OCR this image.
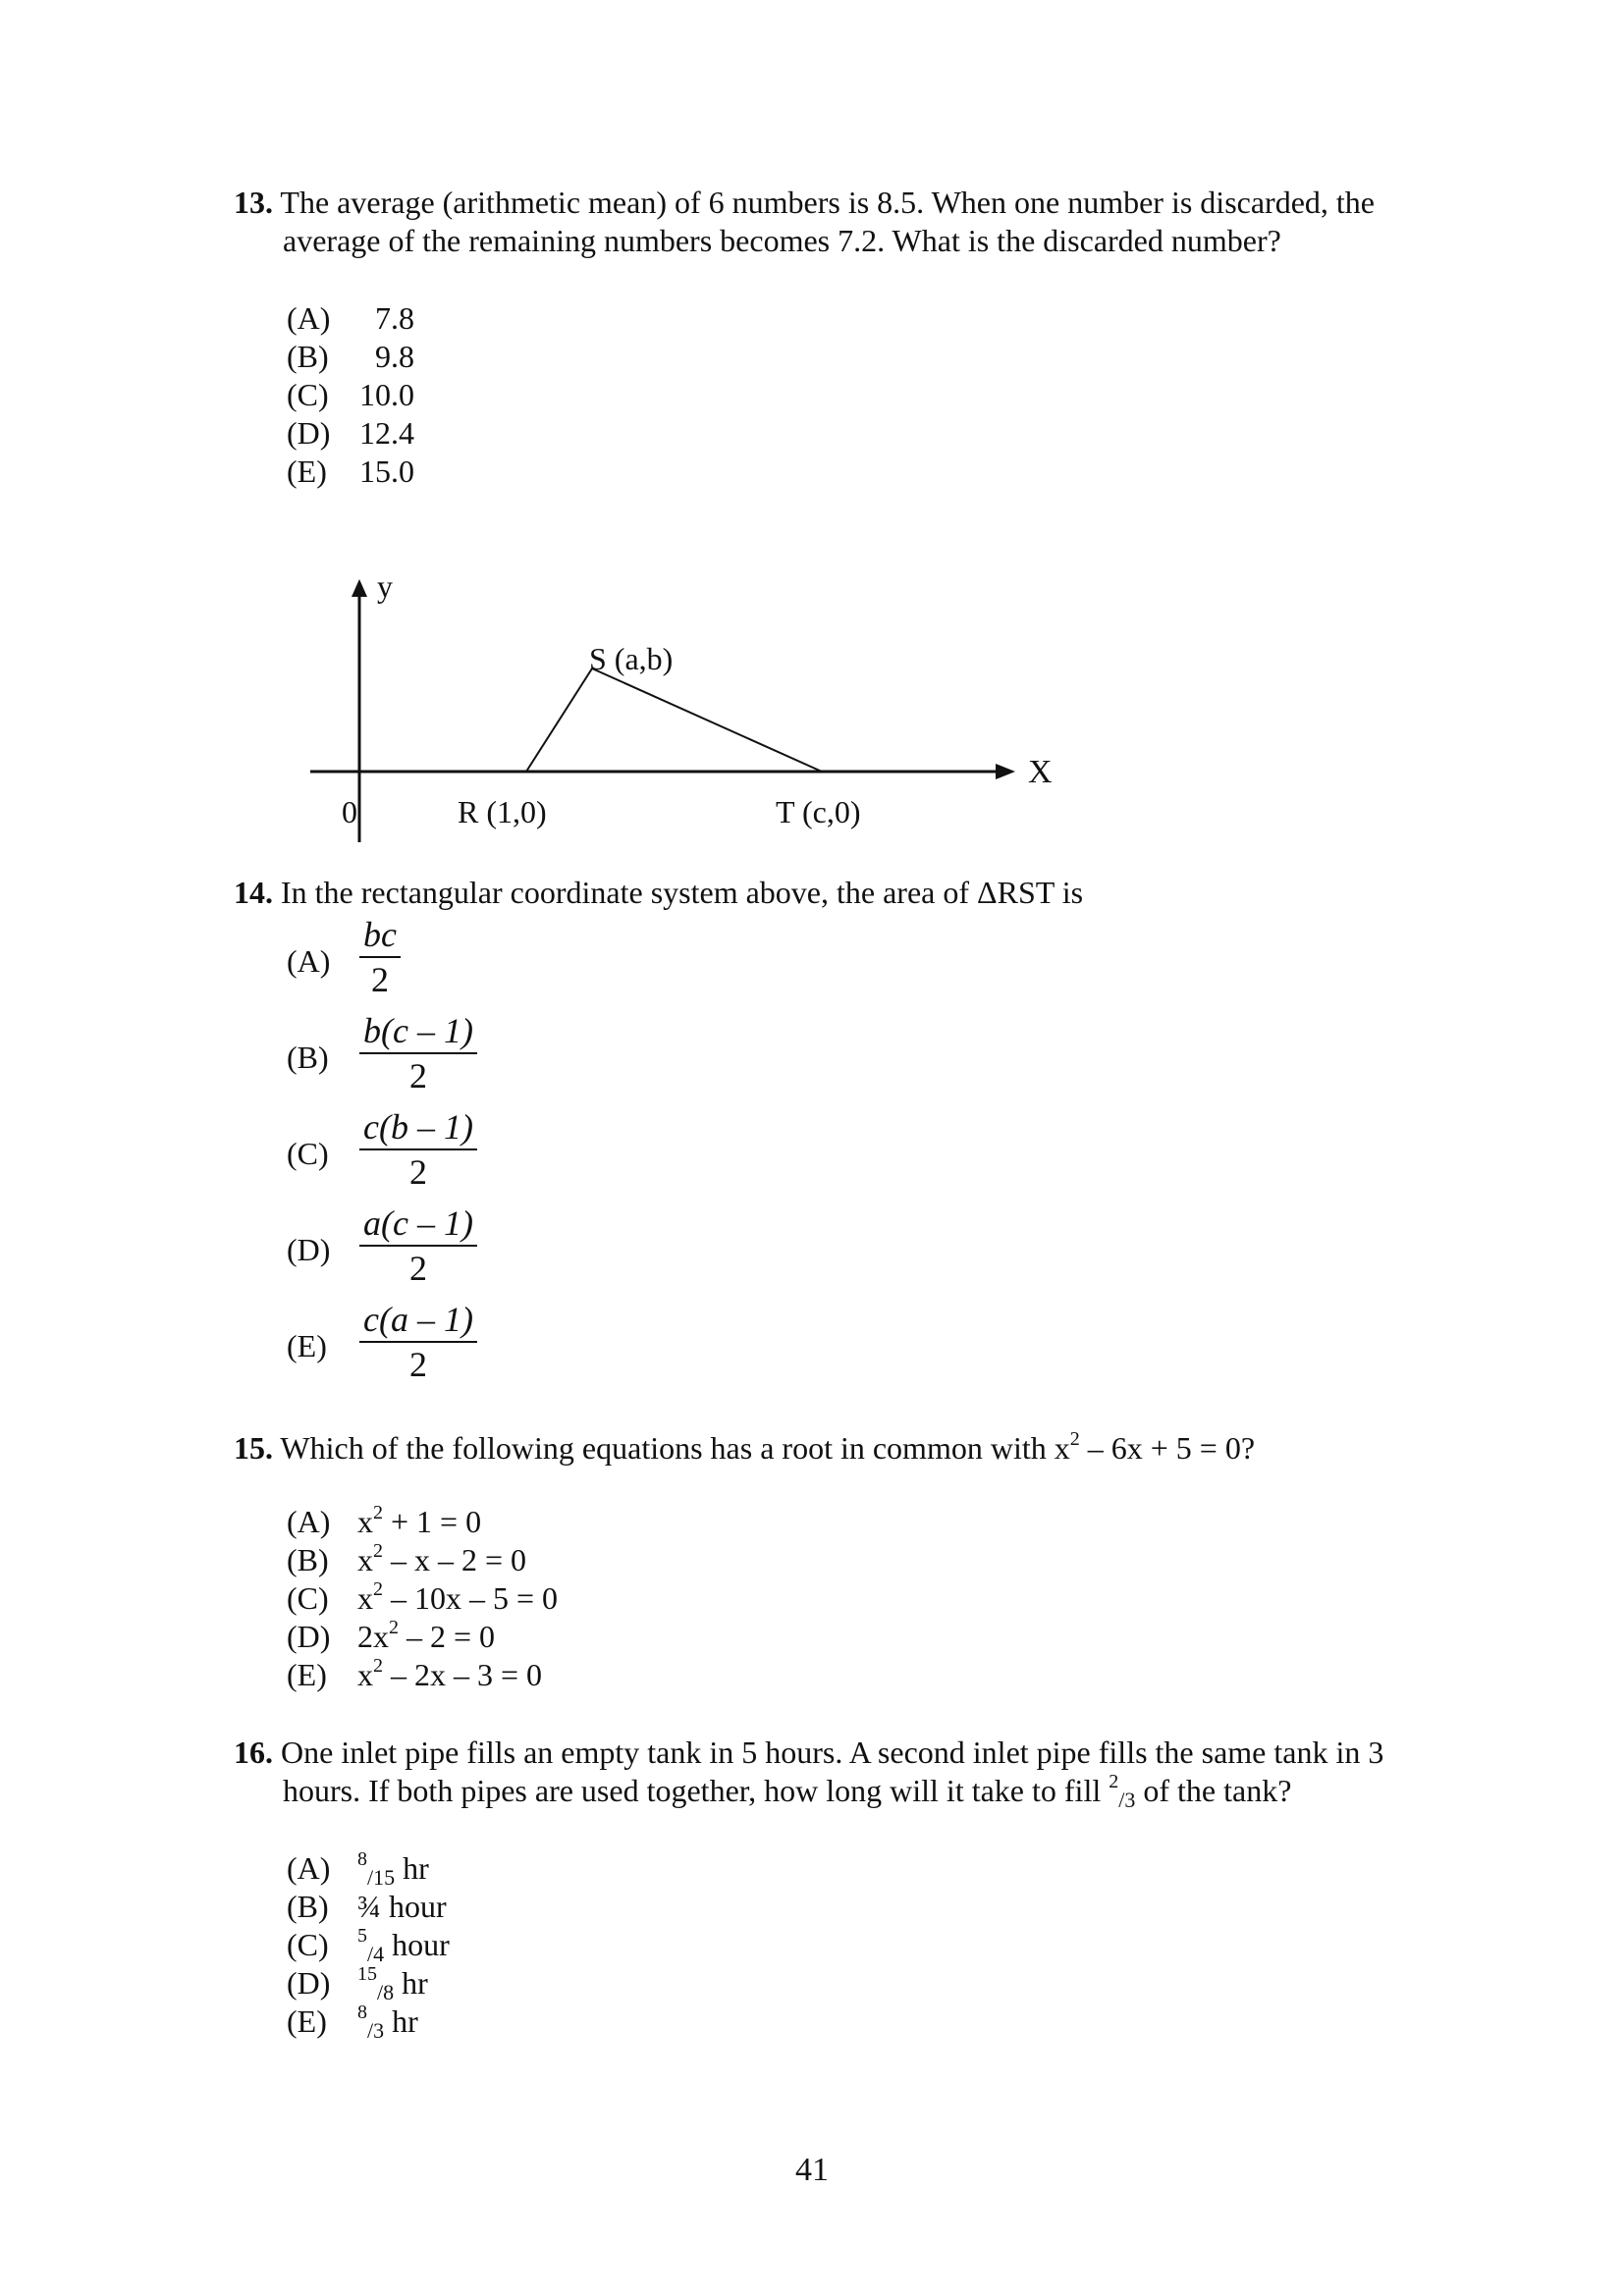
13. The average (arithmetic mean) of 6 numbers is 8.5. When one number is discarded, the
average of the remaining numbers becomes 7.2. What is the discarded number?
(A)	7.8
(B)	9.8
(C) 10.0
(D) 12.4
(E)	15.0
y
X
0	R (1,0)
S (a,b)
T (c,0)
14. In the rectangular coordinate system above, the area of ΔRST is
(A)
bc
2
(B)
b(c – 1)
2
(C)
c(b – 1)
2
(D)
a(c – 1)
2
(E)
c(a – 1)
2
15. Which of the following equations has a root in common with $x^2 - 6x + 5 = 0$?
(A) $x^2 + 1 = 0$
(B) $x^2 - x - 2 = 0$
(C) $x^2 - 10x - 5 = 0$
(D) $2x^2 - 2 = 0$
(E) $x^2 - 2x - 3 = 0$
16. One inlet pipe fills an empty tank in 5 hours. A second inlet pipe fills the same tank in 3
hours. If both pipes are used together, how long will it take to fill $^2_{/3}$ of the tank?
(A) $^8_{/15}$ hr
(B) ¾ hour
(C) $^5_{/4}$ hour
(D) $^{15}_{/8}$ hr
(E) $^8_{/3}$ hr
41
